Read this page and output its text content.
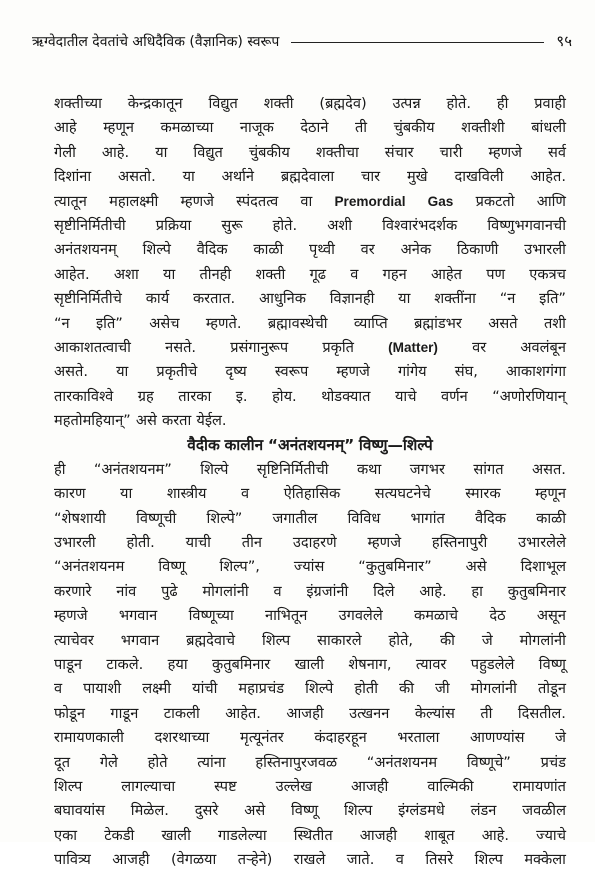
ऋग्वेदातील देवतांचे अधिदैविक (वैज्ञानिक) स्वरूप	९५
शक्तीच्या केन्द्रकातून विद्युत शक्ती (ब्रह्मदेव) उत्पन्न होते. ही प्रवाही
आहे म्हणून कमळाच्या नाजूक देठाने ती चुंबकीय शक्तीशी बांधली
गेली आहे. या विद्युत चुंबकीय शक्तीचा संचार चारी म्हणजे सर्व
दिशांना असतो. या अर्थाने ब्रह्मदेवाला चार मुखे दाखविली आहेत.
त्यातून महालक्ष्मी म्हणजे स्पंदतत्व वा Premordial Gas प्रकटतो आणि
सृष्टीनिर्मितीची प्रक्रिया सुरू होते. अशी विश्वारंभदर्शक विष्णुभगवानची
अनंतशयनम् शिल्पे वैदिक काळी पृथ्वी वर अनेक ठिकाणी उभारली
आहेत. अशा या तीनही शक्ती गूढ व गहन आहेत पण एकत्रच
सृष्टीनिर्मितीचे कार्य करतात. आधुनिक विज्ञानही या शक्तींना “न इति”
“न इति” असेच म्हणते. ब्रह्मावस्थेची व्याप्ति ब्रह्मांडभर असते तशी
आकाशतत्वाची नसते. प्रसंगानुरूप प्रकृति	(Matter) वर अवलंबून
असते. या प्रकृतीचे दृष्य स्वरूप म्हणजे गांगेय संघ, आकाशगंगा
तारकाविश्वे ग्रह तारका इ. होय. थोडक्यात याचे वर्णन “अणोरणियान्
महतोमहियान्” असे करता येईल.
वैदीक कालीन “अनंतशयनम्” विष्णु—शिल्पे
ही “अनंतशयनम” शिल्पे सृष्टिनिर्मितीची कथा जगभर सांगत असत.
कारण या शास्त्रीय व ऐतिहासिक सत्यघटनेचे स्मारक म्हणून
“शेषशायी विष्णूची शिल्पे” जगातील विविध भागांत वैदिक काळी
उभारली होती. याची तीन उदाहरणे म्हणजे हस्तिनापुरी उभारलेले
“अनंतशयनम विष्णू शिल्प”, ज्यांस “कुतुबमिनार” असे दिशाभूल
करणारे नांव पुढे मोगलांनी व इंग्रजांनी दिले आहे. हा कुतुबमिनार
म्हणजे भगवान विष्णूच्या नाभितून उगवलेले कमळाचे देठ असून
त्याचेवर भगवान ब्रह्मदेवाचे शिल्प साकारले होते, की जे मोगलांनी
पाडून टाकले. हया कुतुबमिनार खाली शेषनाग, त्यावर पहुडलेले विष्णू
व पायाशी लक्ष्मी यांची महाप्रचंड शिल्पे होती की जी मोगलांनी तोडून
फोडून गाडून टाकली आहेत. आजही उत्खनन केल्यांस ती दिसतील.
रामायणकाली दशरथाच्या मृत्यूनंतर कंदाहरहून भरताला आणण्यांस जे
दूत गेले होते त्यांना हस्तिनापुरजवळ “अनंतशयनम विष्णूचे” प्रचंड
शिल्प	लागल्याचा	स्पष्ट	उल्लेख	आजही	वाल्मिकी	रामायणांत
बघावयांस मिळेल. दुसरे असे विष्णू शिल्प इंग्लंडमधे लंडन जवळील
एका टेकडी खाली गाडलेल्या स्थितीत आजही शाबूत आहे. ज्याचे
पावित्र्य आजही (वेगळया तऱ्हेने) राखले जाते. व तिसरे शिल्प मक्केला
